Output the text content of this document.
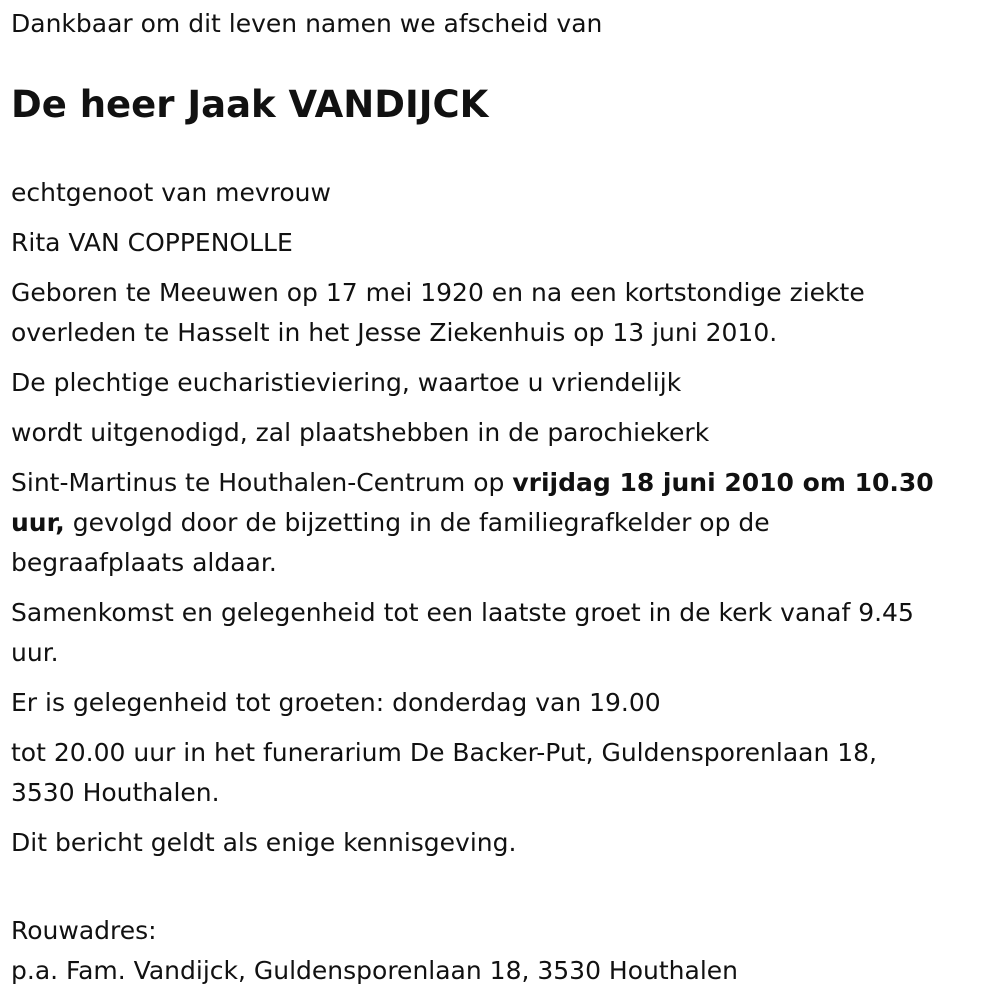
Dankbaar om dit leven namen we afscheid van

De heer Jaak VANDIJCK

echtgenoot van mevrouw

Rita VAN COPPENOLLE

Geboren te Meeuwen op 17 mei 1920 en na een kortstondige ziekte

overleden te Hasselt in het Jesse Ziekenhuis op 13 juni 2010.

De plechtige eucharistieviering, waartoe u vriendelijk

wordt uitgenodigd, zal plaatshebben in de parochiekerk

Sint-Martinus te Houthalen-Centrum op vrijdag 18 juni 2010 om 10.30

uur, gevolgd door de bijzetting in de familiegrafkelder op de

begraafplaats aldaar.

Samenkomst en gelegenheid tot een laatste groet in de kerk vanaf 9.45

uur.

Er is gelegenheid tot groeten: donderdag van 19.00

tot 20.00 uur in het funerarium De Backer-Put, Guldensporenlaan 18,

3530 Houthalen.

Dit bericht geldt als enige kennisgeving.

Rouwadres:

p.a. Fam. Vandijck, Guldensporenlaan 18, 3530 Houthalen
